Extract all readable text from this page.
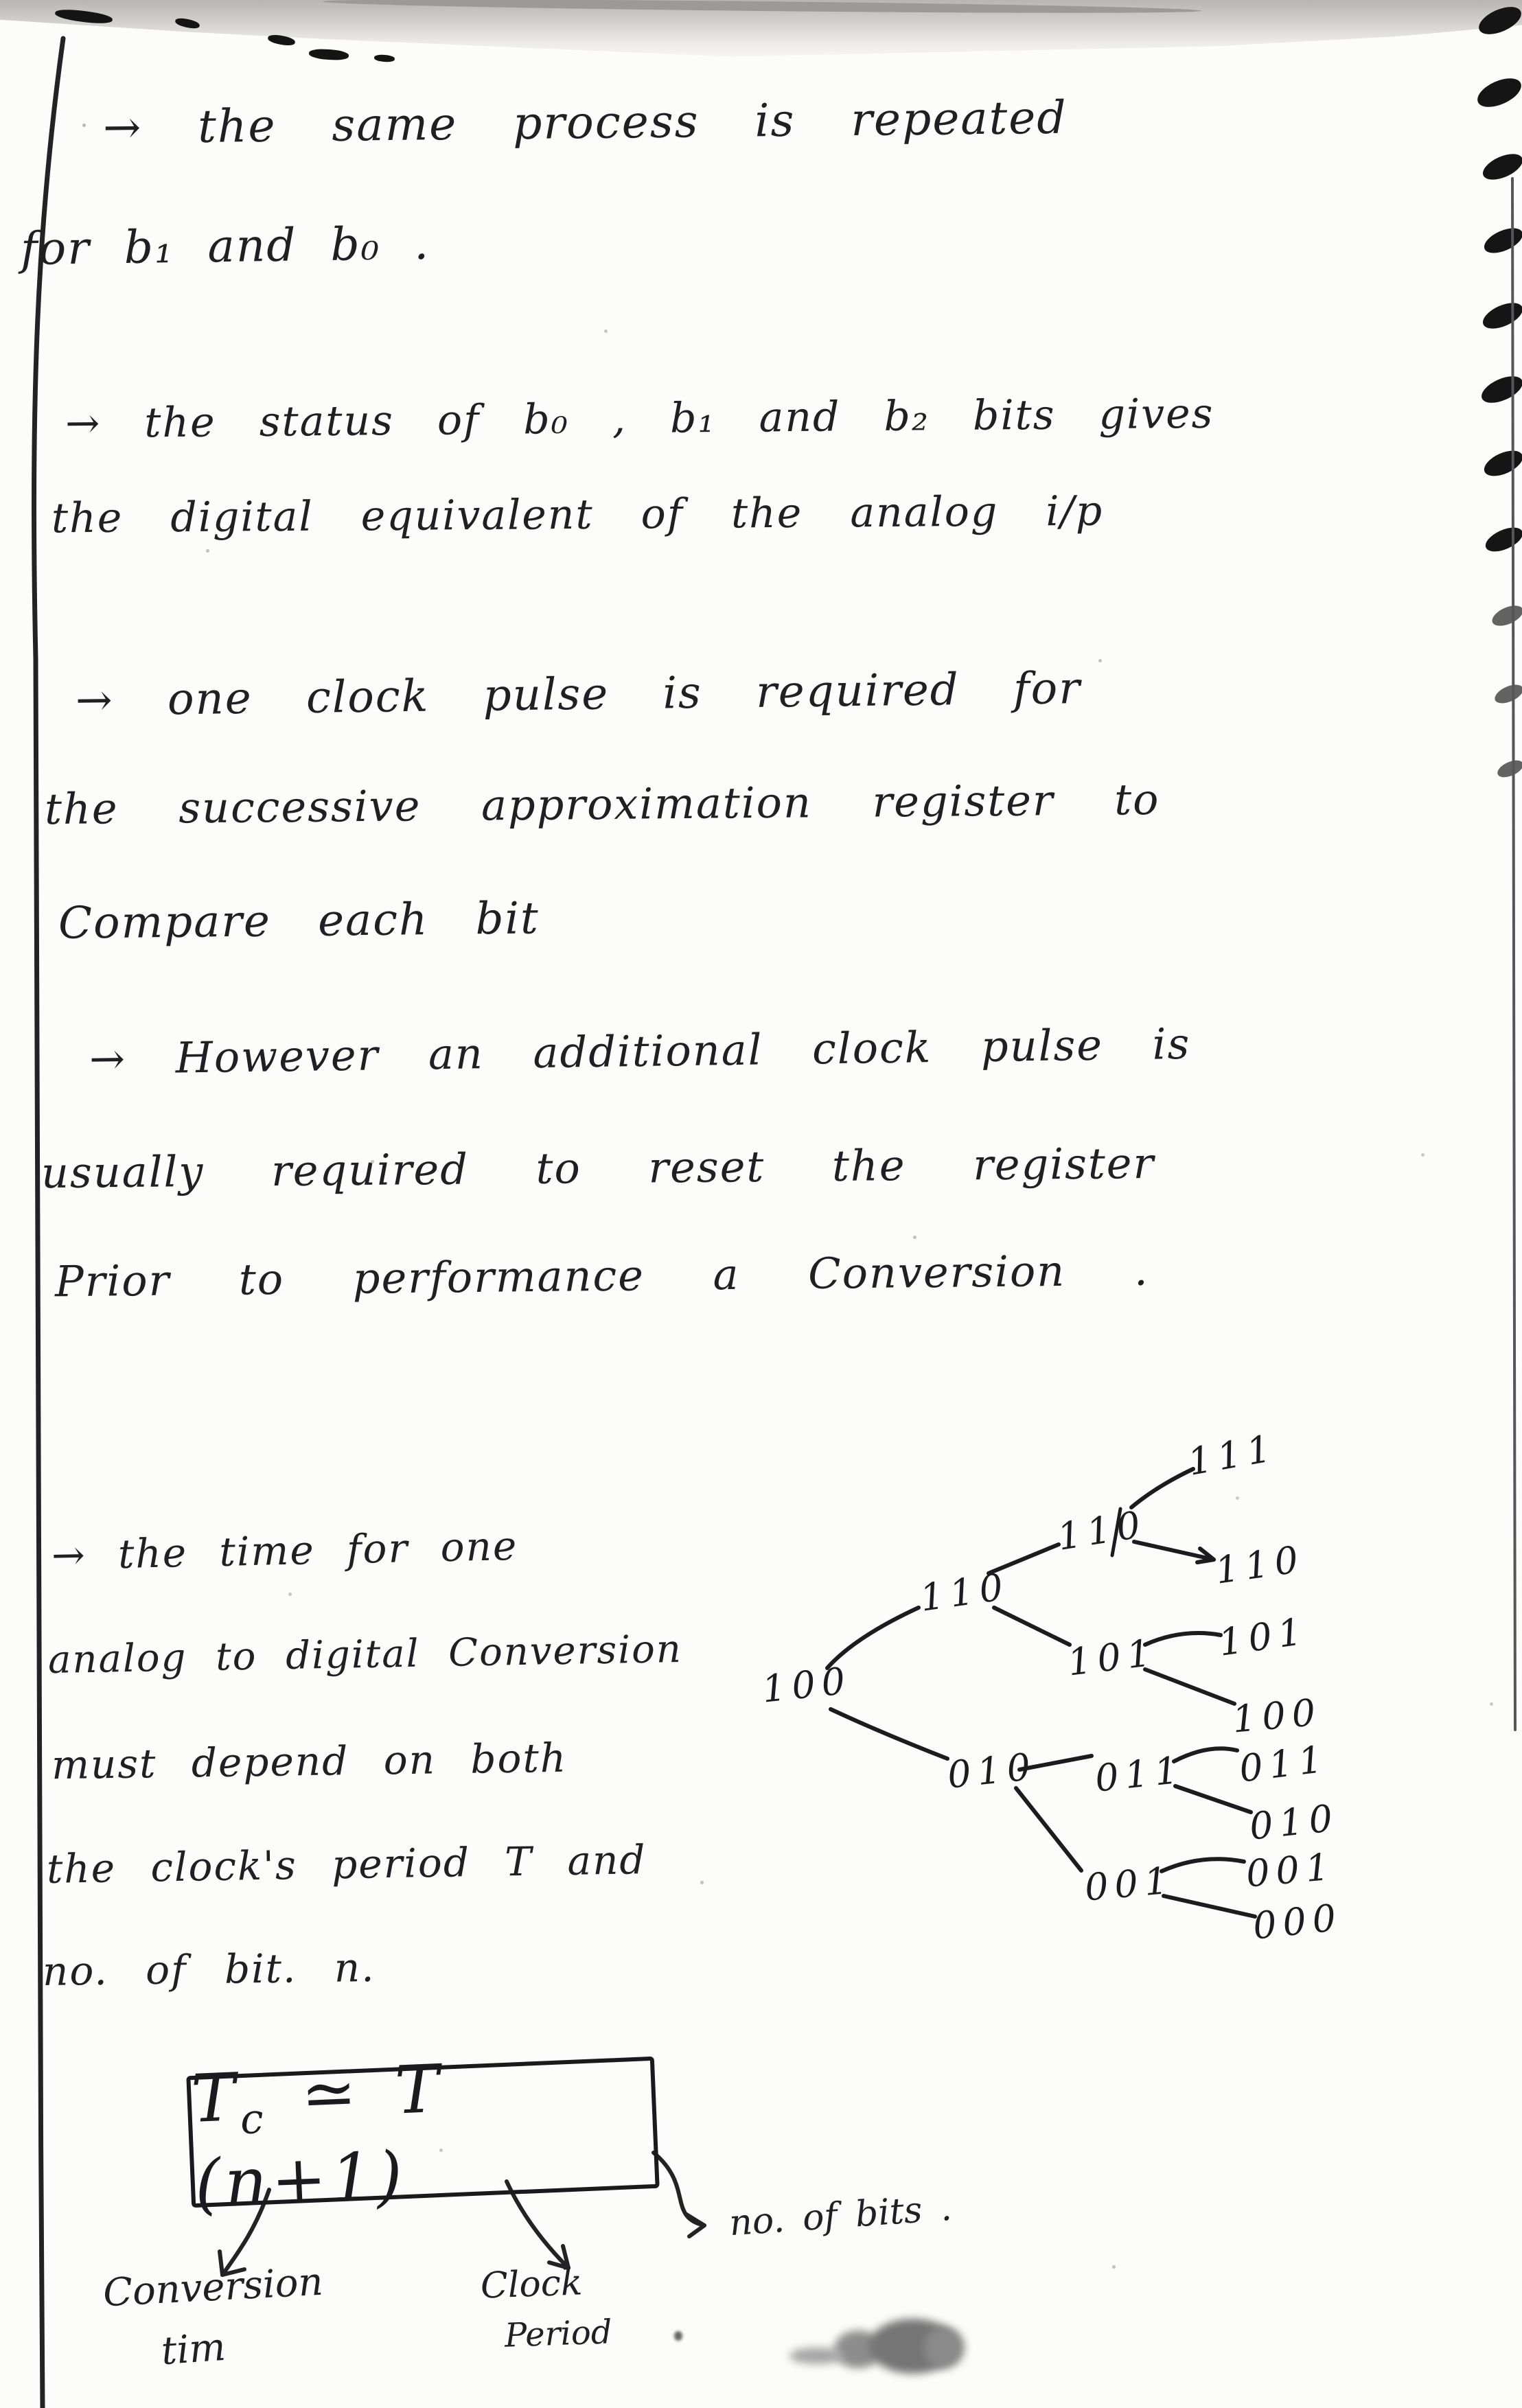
→ the same process is repeated
for b₁ and b₀ .
→ the status of b₀ , b₁ and b₂ bits gives
the digital equivalent of the analog i/p
→ one clock pulse is required for
the successive approximation register to
Compare each bit
→ However an additional clock pulse is
usually required to reset the register
Prior to performance a Conversion .
→ the time for one
analog to digital Conversion
must depend on both
the clock's period T and
no. of bit. n.
100
110
010
110
101
011
001
111
110
101
100
011
010
001
000
$T_c$ ≃ T (n+1)
Conversion
tim
Clock
Period
no. of bits .
